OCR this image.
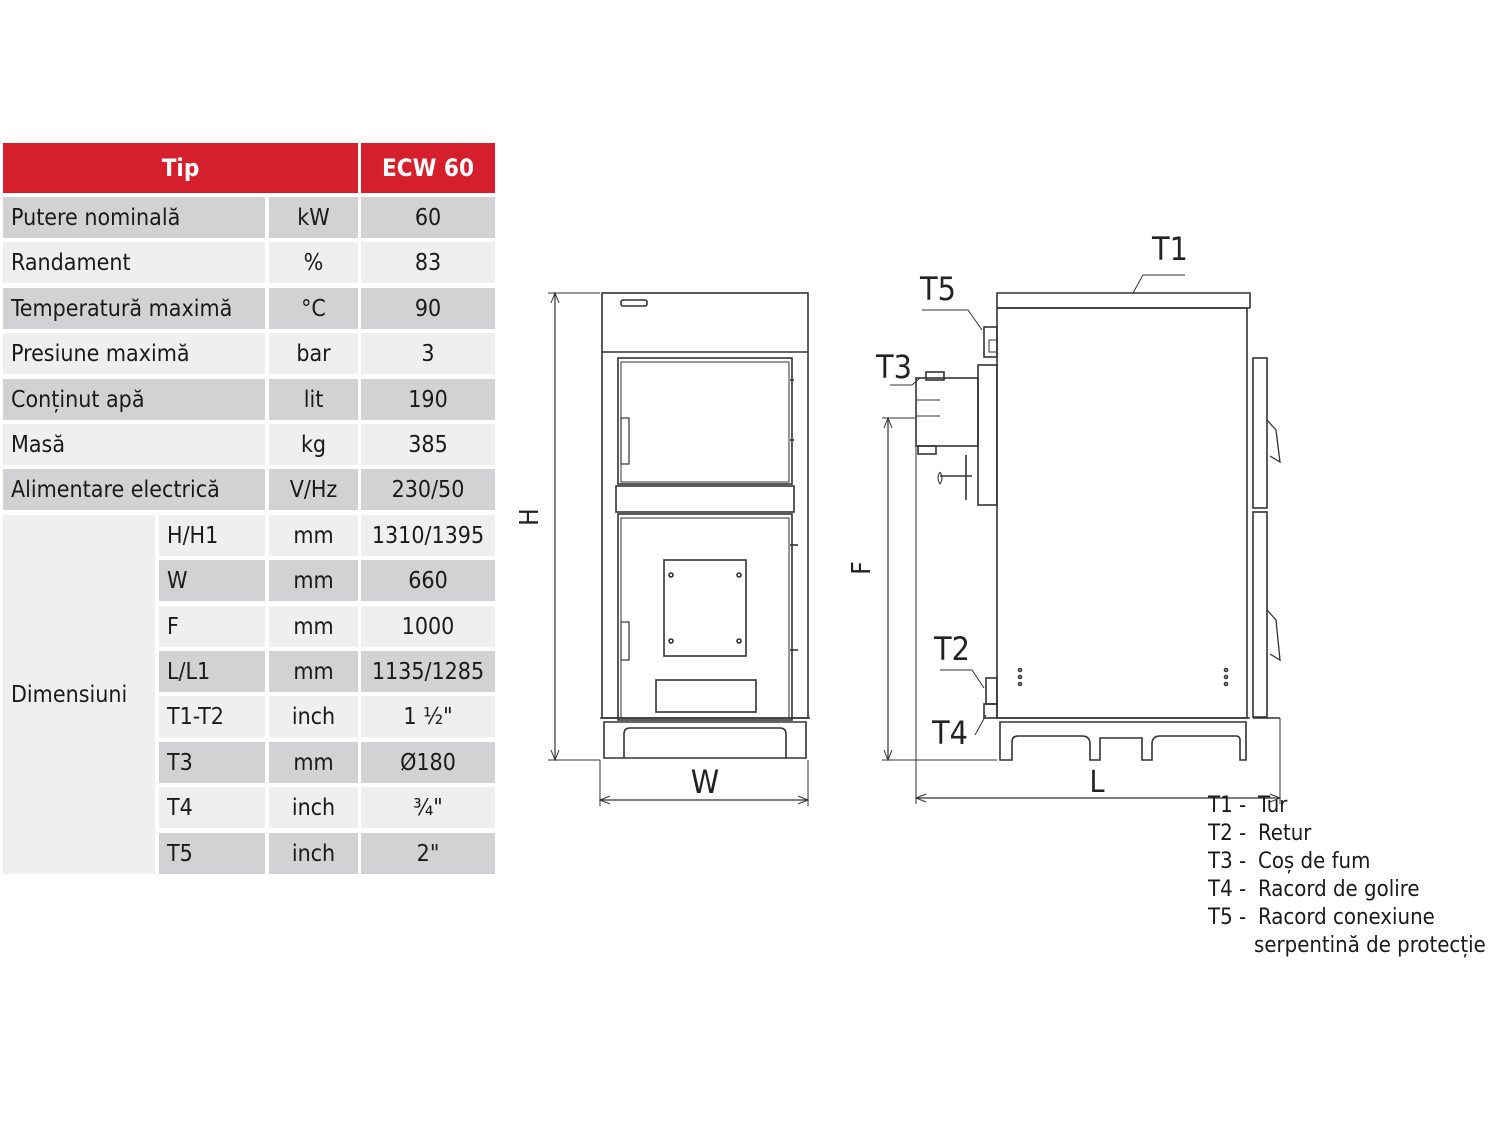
Tip	ECW 60
Putere nominală	kW	60
Randament	%	83
Temperatură maximă	°C	90
Presiune maximă	bar	3
Conținut apă	lit	190
Masă	kg	385
Alimentare electrică	V/Hz	230/50
Dimensiuni
H/H1	mm	1310/1395
W	mm	660
F	mm	1000
L/L1	mm	1135/1285
T1-T2	inch	1 ½"
T3	mm	Ø180
T4	inch	¾"
T5	inch	2"
H
W
F
L
T1
T5
T3
T2
T4
T1 - Tur
T2 - Retur
T3 - Coș de fum
T4 - Racord de golire
T5 - Racord conexiune
serpentină de protecție
